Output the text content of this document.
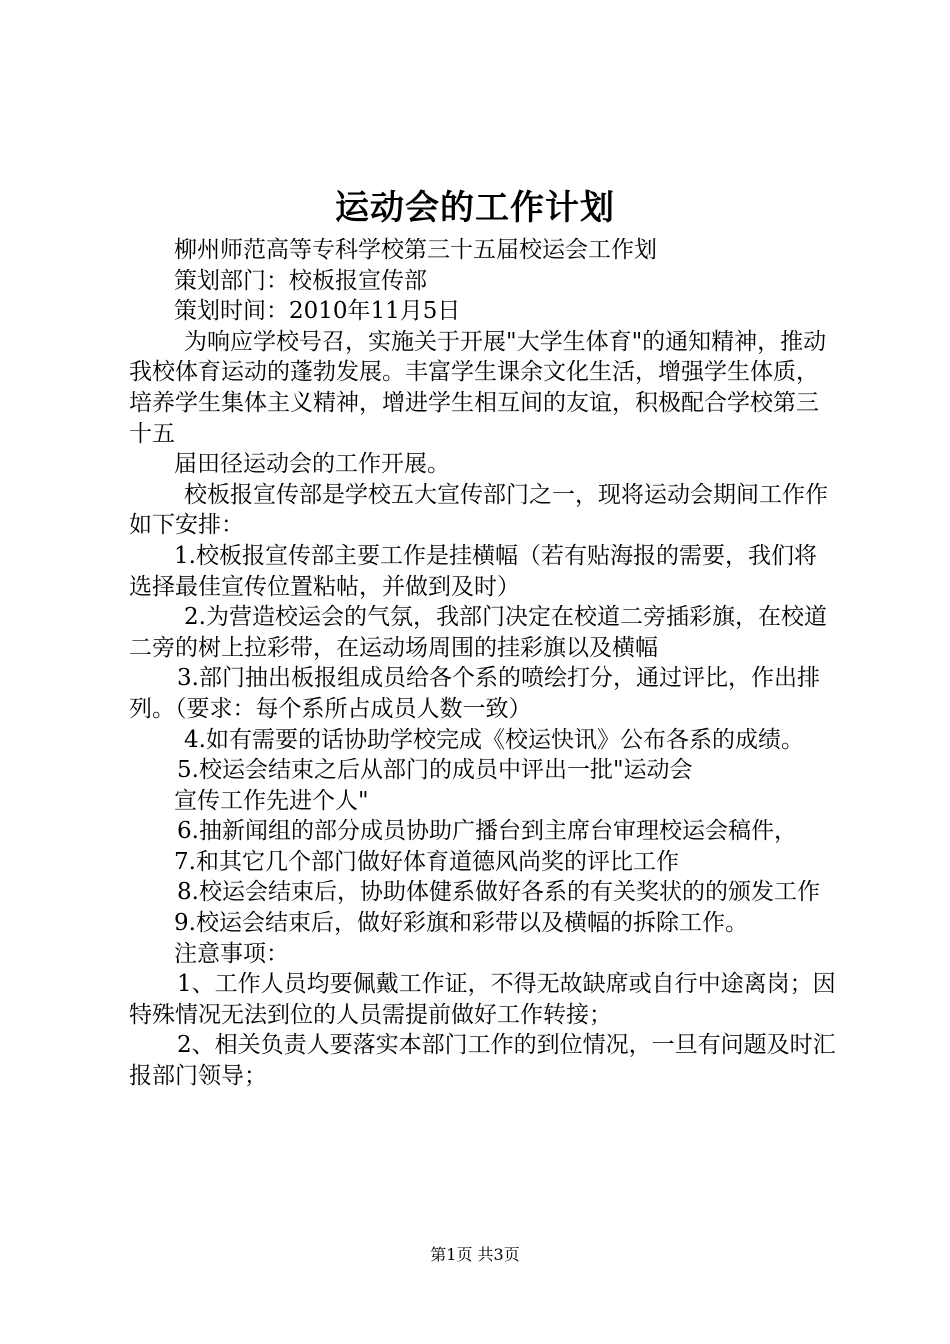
运动会的工作计划

柳州师范高等专科学校第三十五届校运会工作划

策划部门：校板报宣传部

策划时间：2010年11月5日

为响应学校号召，实施关于开展"大学生体育"的通知精神，推动我校体育运动的蓬勃发展。丰富学生课余文化生活，增强学生体质，培养学生集体主义精神，增进学生相互间的友谊，积极配合学校第三十五

届田径运动会的工作开展。

校板报宣传部是学校五大宣传部门之一，现将运动会期间工作作如下安排：

1.校板报宣传部主要工作是挂横幅（若有贴海报的需要，我们将选择最佳宣传位置粘帖，并做到及时）

2.为营造校运会的气氛，我部门决定在校道二旁插彩旗，在校道二旁的树上拉彩带，在运动场周围的挂彩旗以及横幅

3.部门抽出板报组成员给各个系的喷绘打分，通过评比，作出排列。（要求：每个系所占成员人数一致）

4.如有需要的话协助学校完成《校运快讯》公布各系的成绩。

5.校运会结束之后从部门的成员中评出一批"运动会

宣传工作先进个人"

6.抽新闻组的部分成员协助广播台到主席台审理校运会稿件，

7.和其它几个部门做好体育道德风尚奖的评比工作

8.校运会结束后，协助体健系做好各系的有关奖状的的颁发工作

9.校运会结束后，做好彩旗和彩带以及横幅的拆除工作。

注意事项：

1、工作人员均要佩戴工作证，不得无故缺席或自行中途离岗；因特殊情况无法到位的人员需提前做好工作转接；

2、相关负责人要落实本部门工作的到位情况，一旦有问题及时汇报部门领导；

第1页 共3页
